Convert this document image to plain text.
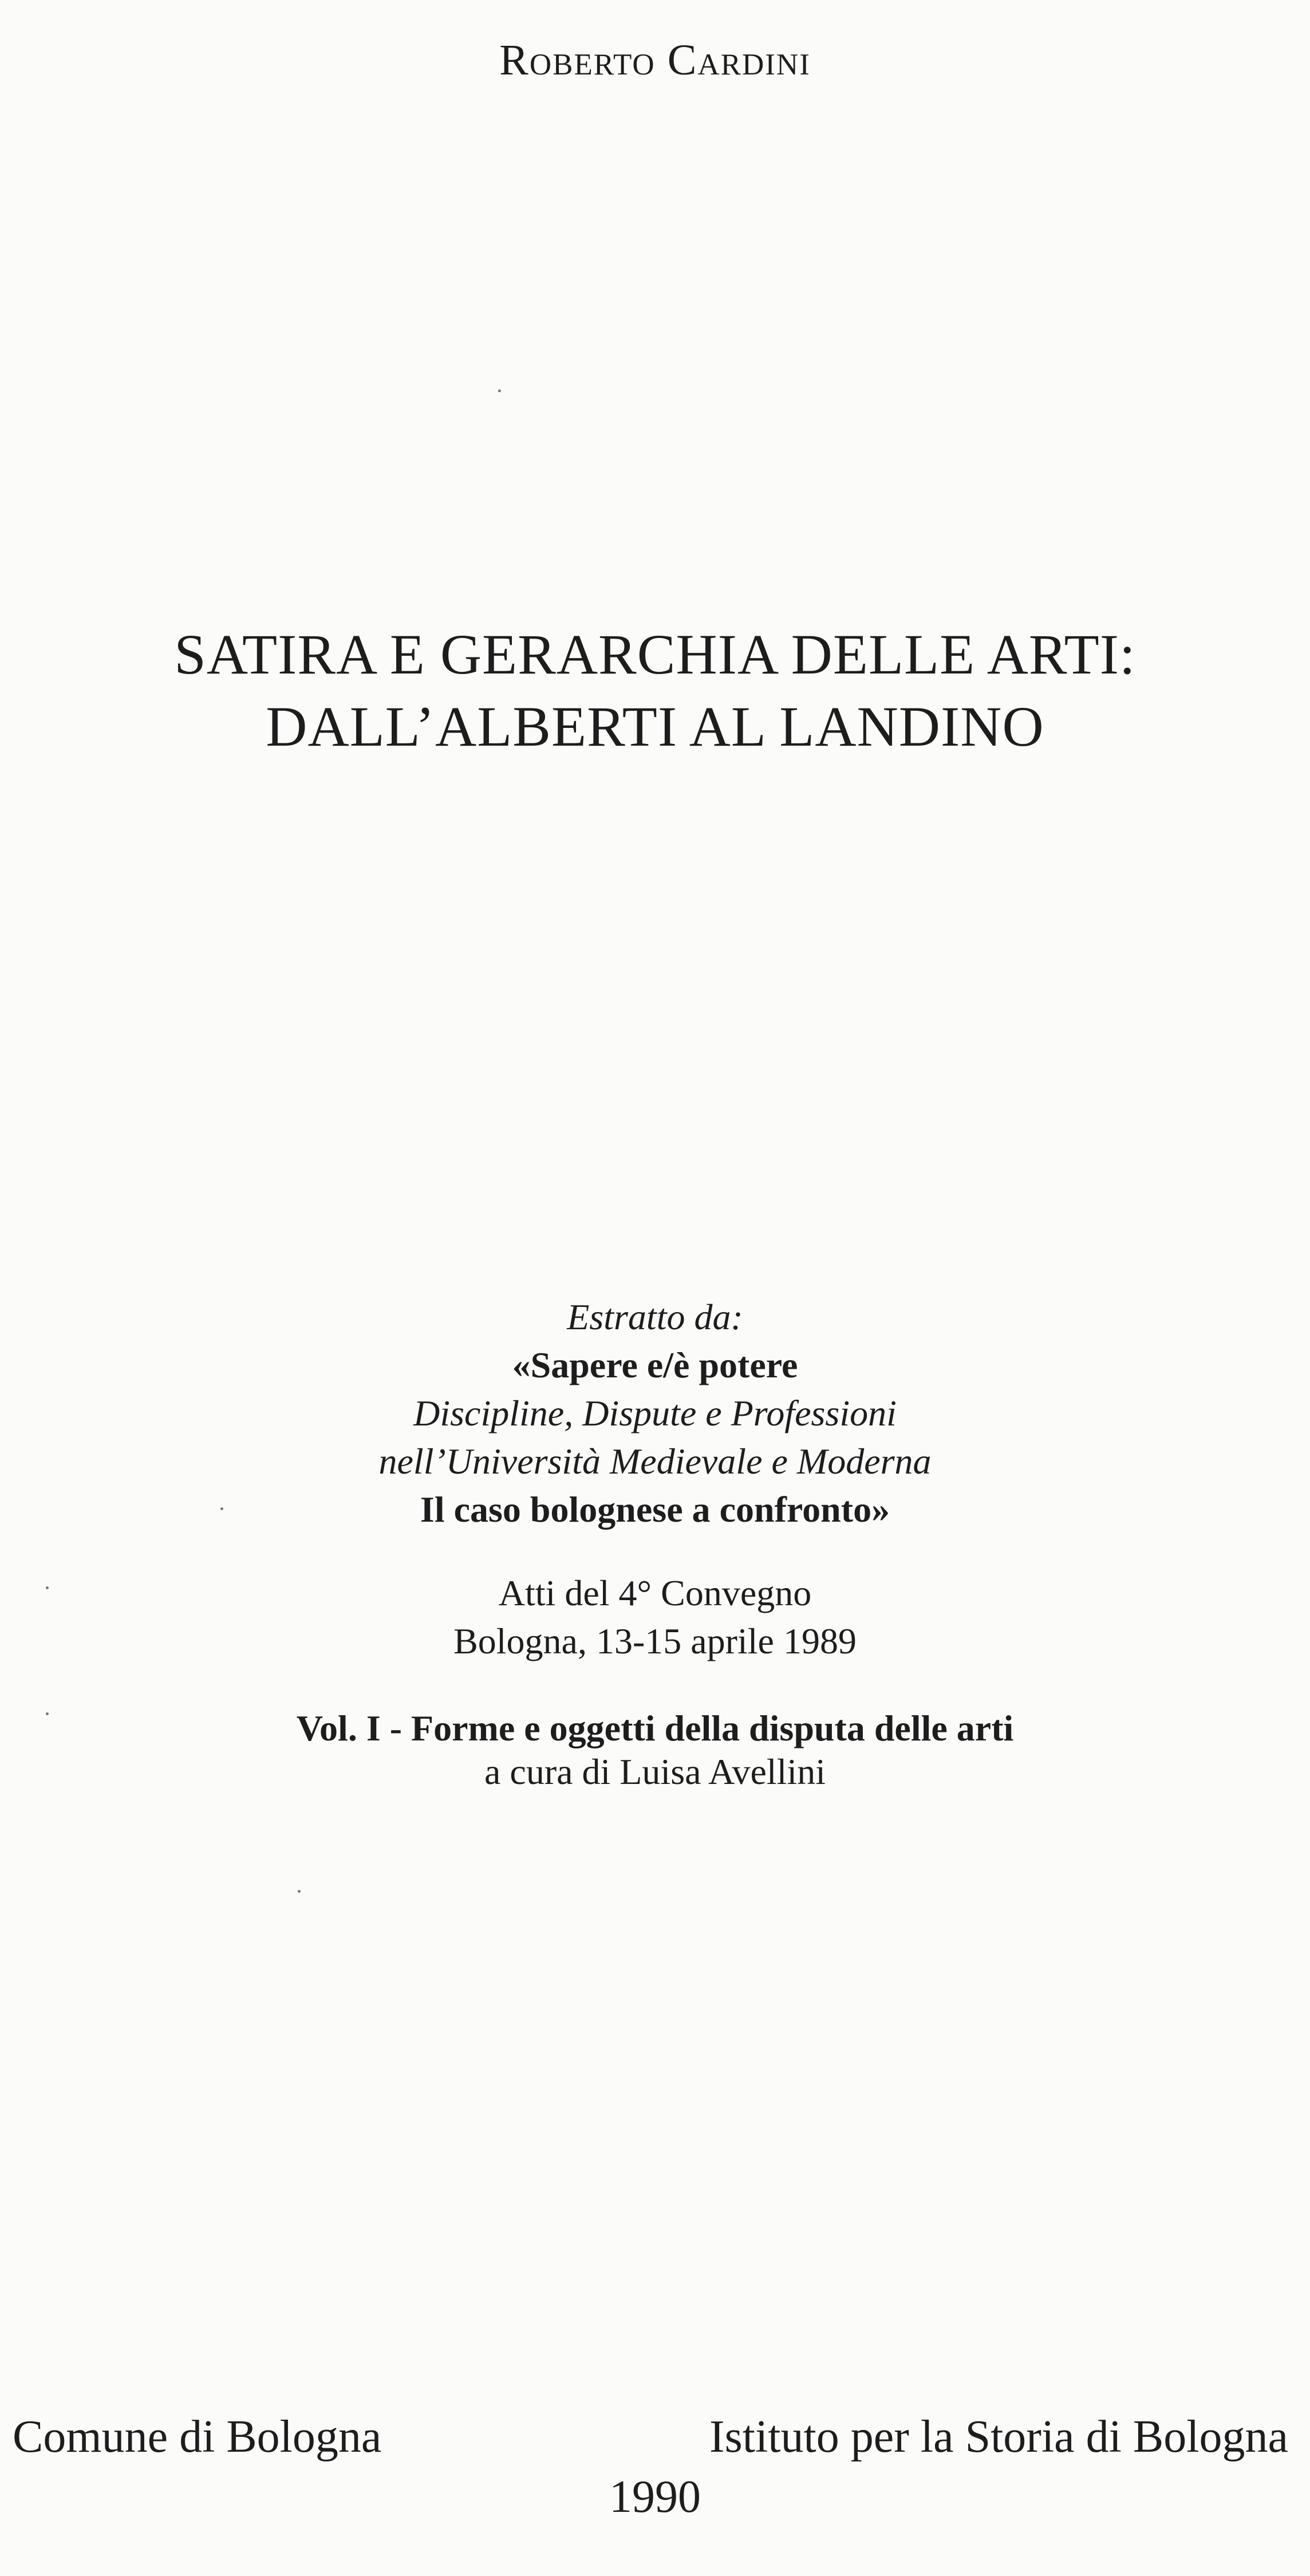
Roberto Cardini
SATIRA E GERARCHIA DELLE ARTI:
DALL’ALBERTI AL LANDINO
Estratto da:
«Sapere e/è potere
Discipline, Dispute e Professioni
nell’Università Medievale e Moderna
Il caso bolognese a confronto»
Atti del 4° Convegno
Bologna, 13-15 aprile 1989
Vol. I - Forme e oggetti della disputa delle arti
a cura di Luisa Avellini
Comune di Bologna	Istituto per la Storia di Bologna
1990
